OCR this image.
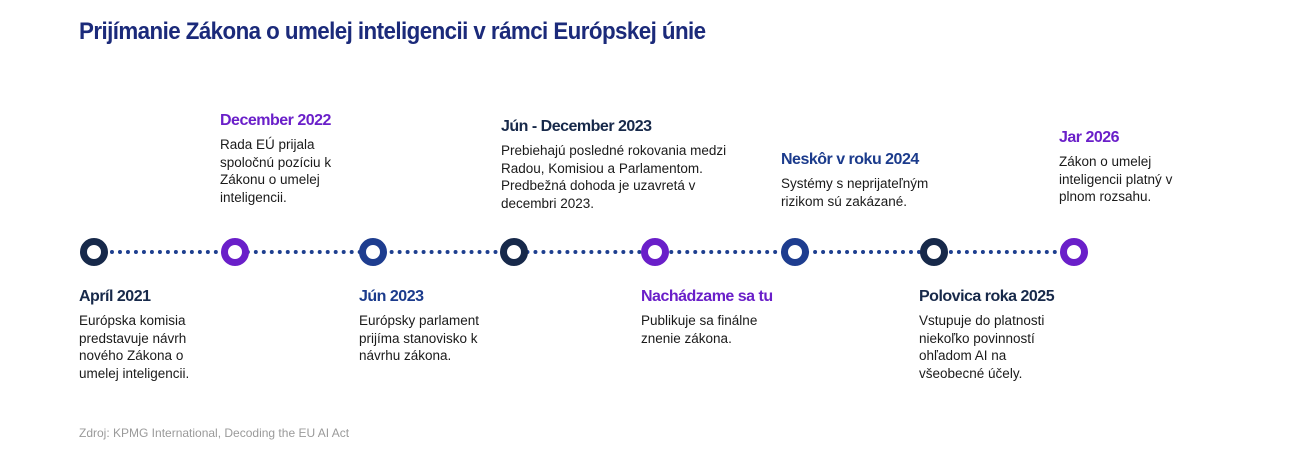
Prijímanie Zákona o umelej inteligencii v rámci Európskej únie
Apríl 2021
Európska komisia predstavuje návrh nového Zákona o umelej inteligencii.
Jún 2023
Európsky parlament prijíma stanovisko k návrhu zákona.
Nachádzame sa tu
Publikuje sa finálne znenie zákona.
Polovica roka 2025
Vstupuje do platnosti niekoľko povinností ohľadom AI na všeobecné účely.
December 2022
Rada EÚ prijala spoločnú pozíciu k Zákonu o umelej inteligencii.
Jún - December 2023
Prebiehajú posledné rokovania medzi Radou, Komisiou a Parlamentom. Predbežná dohoda je uzavretá v decembri 2023.
Neskôr v roku 2024
Systémy s neprijateľným rizikom sú zakázané.
Jar 2026
Zákon o umelej inteligencii platný v plnom rozsahu.
Zdroj: KPMG International, Decoding the EU AI Act
